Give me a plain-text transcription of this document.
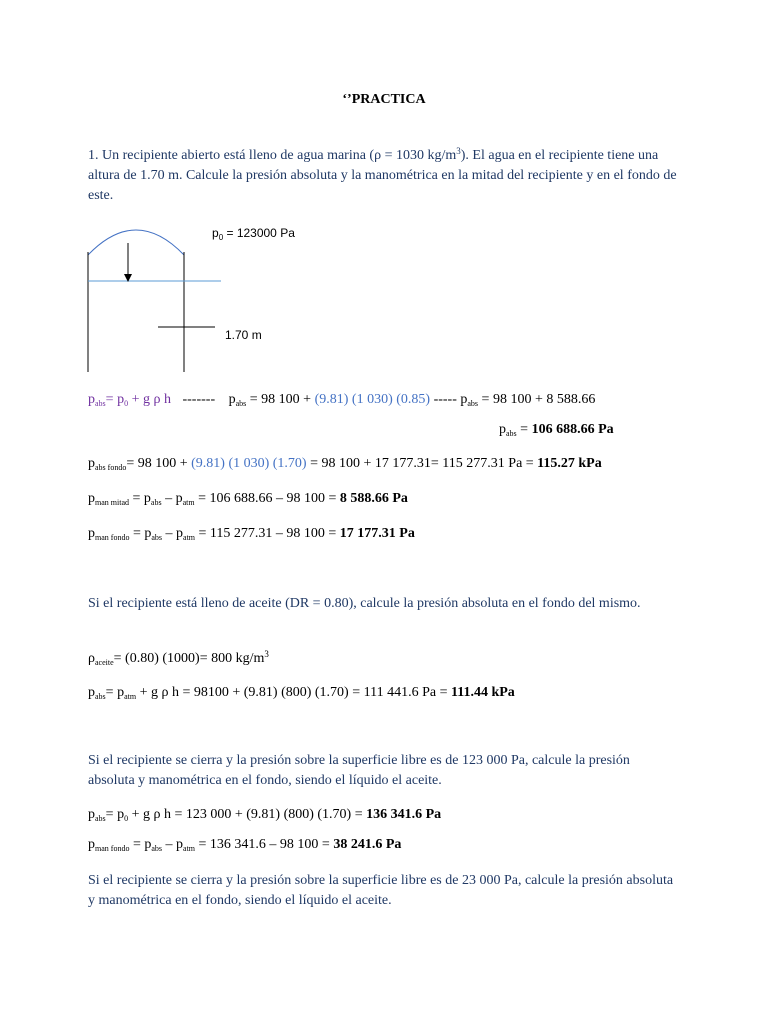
‘’PRACTICA

1. Un recipiente abierto está lleno de agua marina (ρ = 1030 $kg/m^3$). El agua en el recipiente tiene una altura de 1.70 m. Calcule la presión absoluta y la manométrica en la mitad del recipiente y en el fondo de este.

$p_0 = 123000$ Pa
1.70 m
$p_{abs}= p_0 + g$ ρ h ------- $p_{abs} = 98$ 100 + (9.81) (1 030) (0.85) ----- $p_{abs} = 98$ 100 + 8 588.66
$p_{abs} = 106$ 688.66 Pa
$p_{abs fondo}= 98$ 100 + (9.81) (1 030) (1.70) = 98 100 + 17 177.31= 115 277.31 Pa = 115.27 kPa
$p_{man mitad} = p_{abs} - p_{atm} = 106$ 688.66 – 98 100 = 8 588.66 Pa
$p_{man fondo} = p_{abs} - p_{atm} = 115$ 277.31 – 98 100 = 17 177.31 Pa

Si el recipiente está lleno de aceite (DR = 0.80), calcule la presión absoluta en el fondo del mismo.

$\rho_{aceite}= (0.80)$ (1000)= 800 $kg/m^3$
$p_{abs}= p_{atm} + g$ ρ h = 98100 + (9.81) (800) (1.70) = 111 441.6 Pa = 111.44 kPa

Si el recipiente se cierra y la presión sobre la superficie libre es de 123 000 Pa, calcule la presión absoluta y manométrica en el fondo, siendo el líquido el aceite.

$p_{abs}= p_0 + g$ ρ h = 123 000 + (9.81) (800) (1.70) = 136 341.6 Pa
$p_{man fondo} = p_{abs} - p_{atm} = 136$ 341.6 – 98 100 = 38 241.6 Pa

Si el recipiente se cierra y la presión sobre la superficie libre es de 23 000 Pa, calcule la presión absoluta y manométrica en el fondo, siendo el líquido el aceite.
